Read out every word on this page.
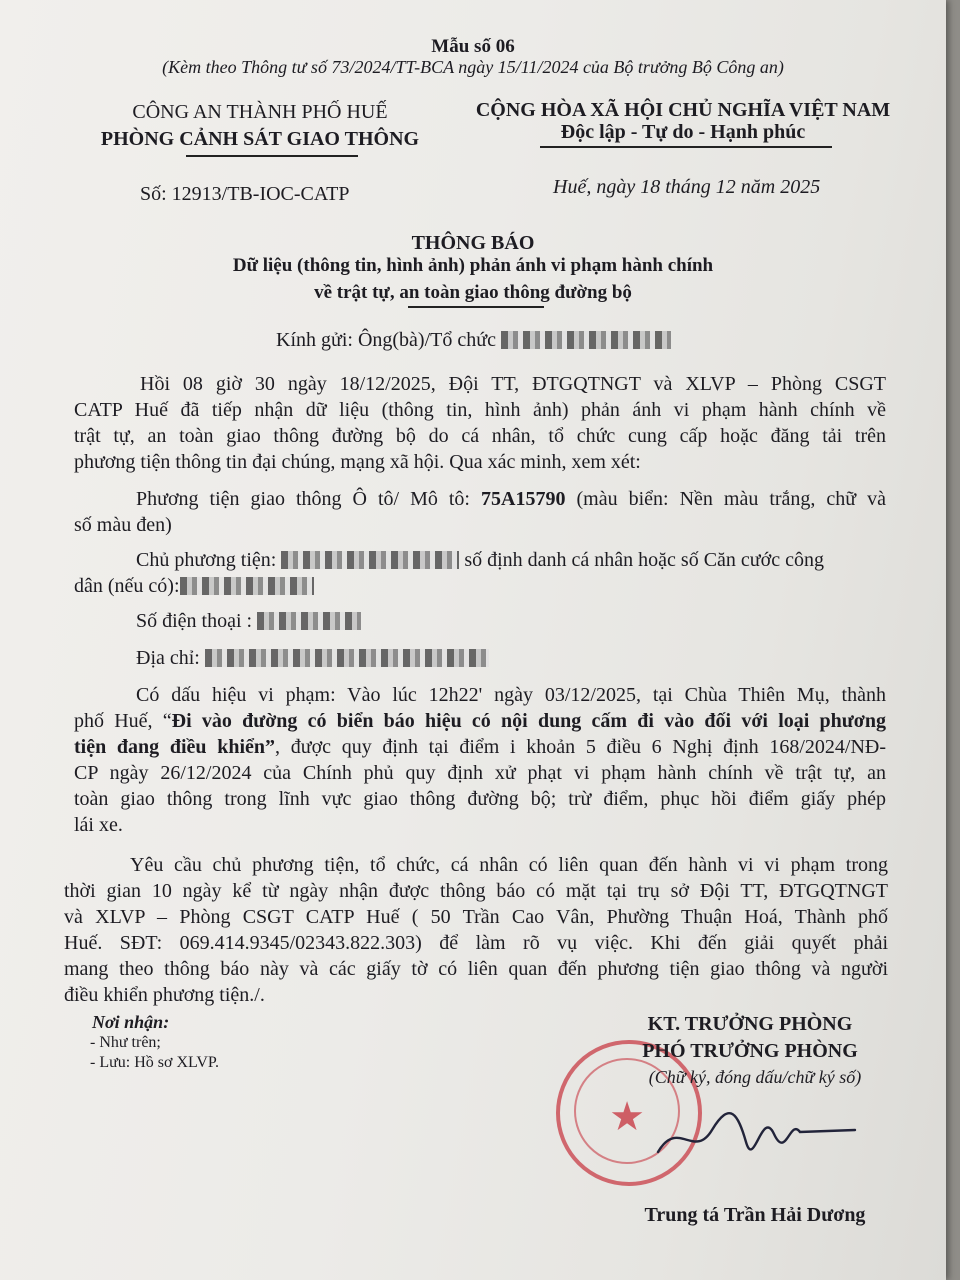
Mẫu số 06
(Kèm theo Thông tư số 73/2024/TT-BCA ngày 15/11/2024 của Bộ trưởng Bộ Công an)
CÔNG AN THÀNH PHỐ HUẾ
PHÒNG CẢNH SÁT GIAO THÔNG
CỘNG HÒA XÃ HỘI CHỦ NGHĨA VIỆT NAM
Độc lập - Tự do - Hạnh phúc
Số: 12913/TB-IOC-CATP	Huế, ngày 18 tháng 12 năm 2025
THÔNG BÁO
Dữ liệu (thông tin, hình ảnh) phản ánh vi phạm hành chính
về trật tự, an toàn giao thông đường bộ
Kính gửi: Ông(bà)/Tổ chức
Hồi 08 giờ 30 ngày 18/12/2025, Đội TT, ĐTGQTNGT và XLVP – Phòng CSGT
CATP Huế đã tiếp nhận dữ liệu (thông tin, hình ảnh) phản ánh vi phạm hành chính về
trật tự, an toàn giao thông đường bộ do cá nhân, tổ chức cung cấp hoặc đăng tải trên
phương tiện thông tin đại chúng, mạng xã hội. Qua xác minh, xem xét:
Phương tiện giao thông Ô tô/ Mô tô: 75A15790 (màu biển: Nền màu trắng, chữ và
số màu đen)
Chủ phương tiện:	số định danh cá nhân hoặc số Căn cước công
dân (nếu có):
Số điện thoại :
Địa chỉ:
Có dấu hiệu vi phạm: Vào lúc 12h22' ngày 03/12/2025, tại Chùa Thiên Mụ, thành
phố Huế, “Đi vào đường có biển báo hiệu có nội dung cấm đi vào đối với loại phương
tiện đang điều khiển”, được quy định tại điểm i khoản 5 điều 6 Nghị định 168/2024/NĐ-
CP ngày 26/12/2024 của Chính phủ quy định xử phạt vi phạm hành chính về trật tự, an
toàn giao thông trong lĩnh vực giao thông đường bộ; trừ điểm, phục hồi điểm giấy phép
lái xe.
Yêu cầu chủ phương tiện, tổ chức, cá nhân có liên quan đến hành vi vi phạm trong
thời gian 10 ngày kể từ ngày nhận được thông báo có mặt tại trụ sở Đội TT, ĐTGQTNGT
và XLVP – Phòng CSGT CATP Huế ( 50 Trần Cao Vân, Phường Thuận Hoá, Thành phố
Huế. SĐT: 069.414.9345/02343.822.303) để làm rõ vụ việc. Khi đến giải quyết phải
mang theo thông báo này và các giấy tờ có liên quan đến phương tiện giao thông và người
điều khiển phương tiện./.
Nơi nhận:
- Như trên;
- Lưu: Hồ sơ XLVP.
★
KT. TRƯỞNG PHÒNG
PHÓ TRƯỞNG PHÒNG
(Chữ ký, đóng dấu/chữ ký số)
Trung tá Trần Hải Dương
